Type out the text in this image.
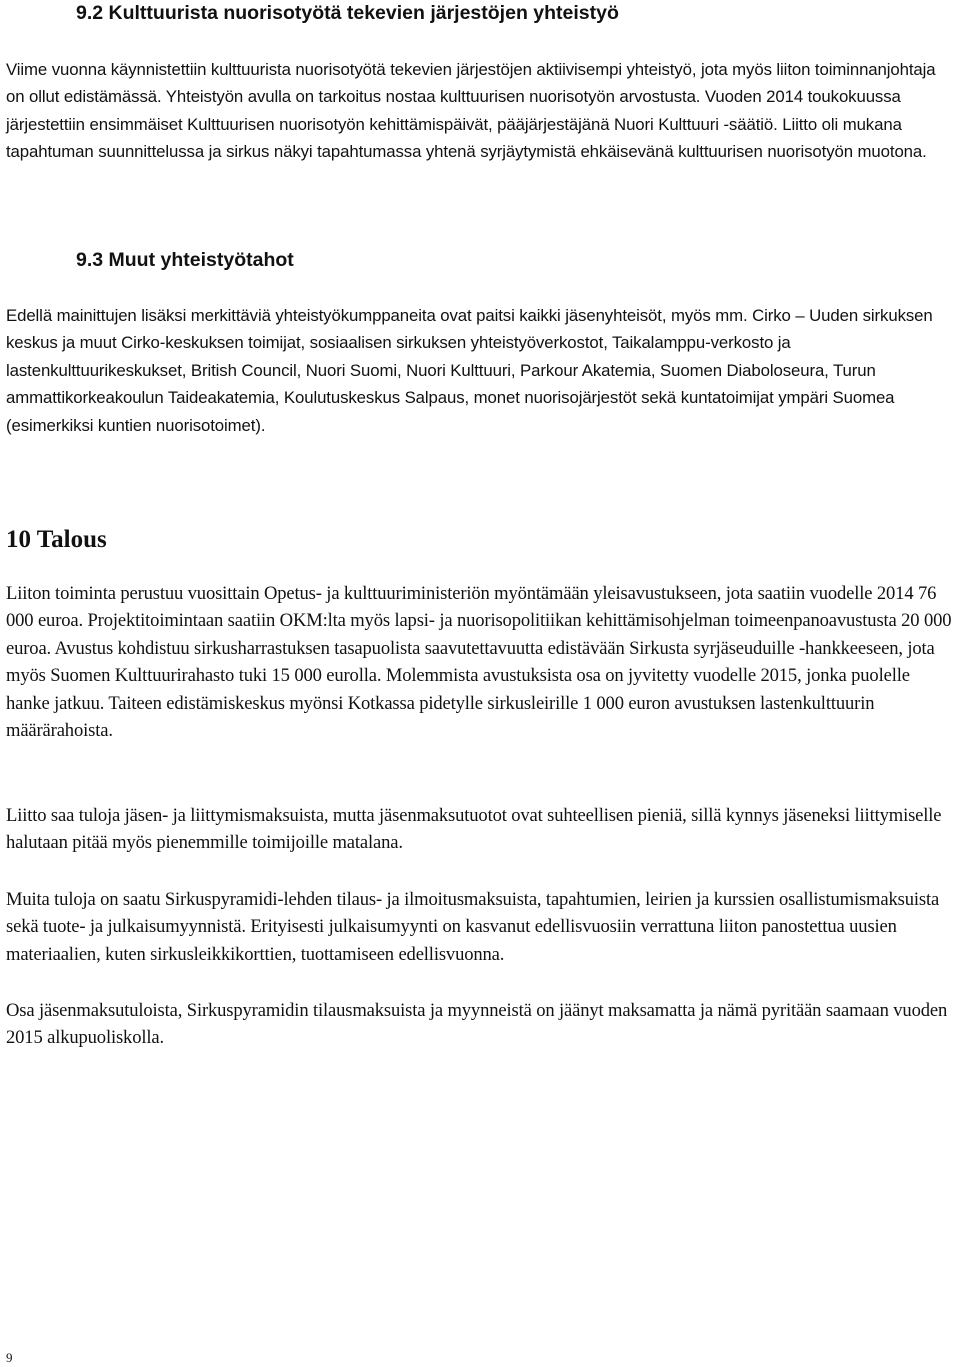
9.2 Kulttuurista nuorisotyötä tekevien järjestöjen yhteistyö

Viime vuonna käynnistettiin kulttuurista nuorisotyötä tekevien järjestöjen aktiivisempi yhteistyö, jota myös liiton toiminnanjohtaja on ollut edistämässä. Yhteistyön avulla on tarkoitus nostaa kulttuurisen nuorisotyön arvostusta. Vuoden 2014 toukokuussa järjestettiin ensimmäiset Kulttuurisen nuorisotyön kehittämispäivät, pääjärjestäjänä Nuori Kulttuuri -säätiö. Liitto oli mukana tapahtuman suunnittelussa ja sirkus näkyi tapahtumassa yhtenä syrjäytymistä ehkäisevänä kulttuurisen nuorisotyön muotona.

9.3 Muut yhteistyötahot

Edellä mainittujen lisäksi merkittäviä yhteistyökumppaneita ovat paitsi kaikki jäsenyhteisöt, myös mm. Cirko – Uuden sirkuksen keskus ja muut Cirko-keskuksen toimijat, sosiaalisen sirkuksen yhteistyöverkostot, Taikalamppu-verkosto ja lastenkulttuurikeskukset, British Council, Nuori Suomi, Nuori Kulttuuri, Parkour Akatemia, Suomen Diaboloseura, Turun ammattikorkeakoulun Taideakatemia, Koulutuskeskus Salpaus, monet nuorisojärjestöt sekä kuntatoimijat ympäri Suomea (esimerkiksi kuntien nuorisotoimet).

10 Talous

Liiton toiminta perustuu vuosittain Opetus- ja kulttuuriministeriön myöntämään yleisavustukseen, jota saatiin vuodelle 2014 76 000 euroa. Projektitoimintaan saatiin OKM:lta myös lapsi- ja nuorisopolitiikan kehittämisohjelman toimeenpanoavustusta 20 000 euroa. Avustus kohdistuu sirkusharrastuksen tasapuolista saavutettavuutta edistävään Sirkusta syrjäseuduille -hankkeeseen, jota myös Suomen Kulttuurirahasto tuki 15 000 eurolla. Molemmista avustuksista osa on jyvitetty vuodelle 2015, jonka puolelle hanke jatkuu. Taiteen edistämiskeskus myönsi Kotkassa pidetylle sirkusleirille 1 000 euron avustuksen lastenkulttuurin määrärahoista.

Liitto saa tuloja jäsen- ja liittymismaksuista, mutta jäsenmaksutuotot ovat suhteellisen pieniä, sillä kynnys jäseneksi liittymiselle halutaan pitää myös pienemmille toimijoille matalana.

Muita tuloja on saatu Sirkuspyramidi-lehden tilaus- ja ilmoitusmaksuista, tapahtumien, leirien ja kurssien osallistumismaksuista sekä tuote- ja julkaisumyynnistä. Erityisesti julkaisumyynti on kasvanut edellisvuosiin verrattuna liiton panostettua uusien materiaalien, kuten sirkusleikkikorttien, tuottamiseen edellisvuonna.

Osa jäsenmaksutuloista, Sirkuspyramidin tilausmaksuista ja myynneistä on jäänyt maksamatta ja nämä pyritään saamaan vuoden 2015 alkupuoliskolla.

9
